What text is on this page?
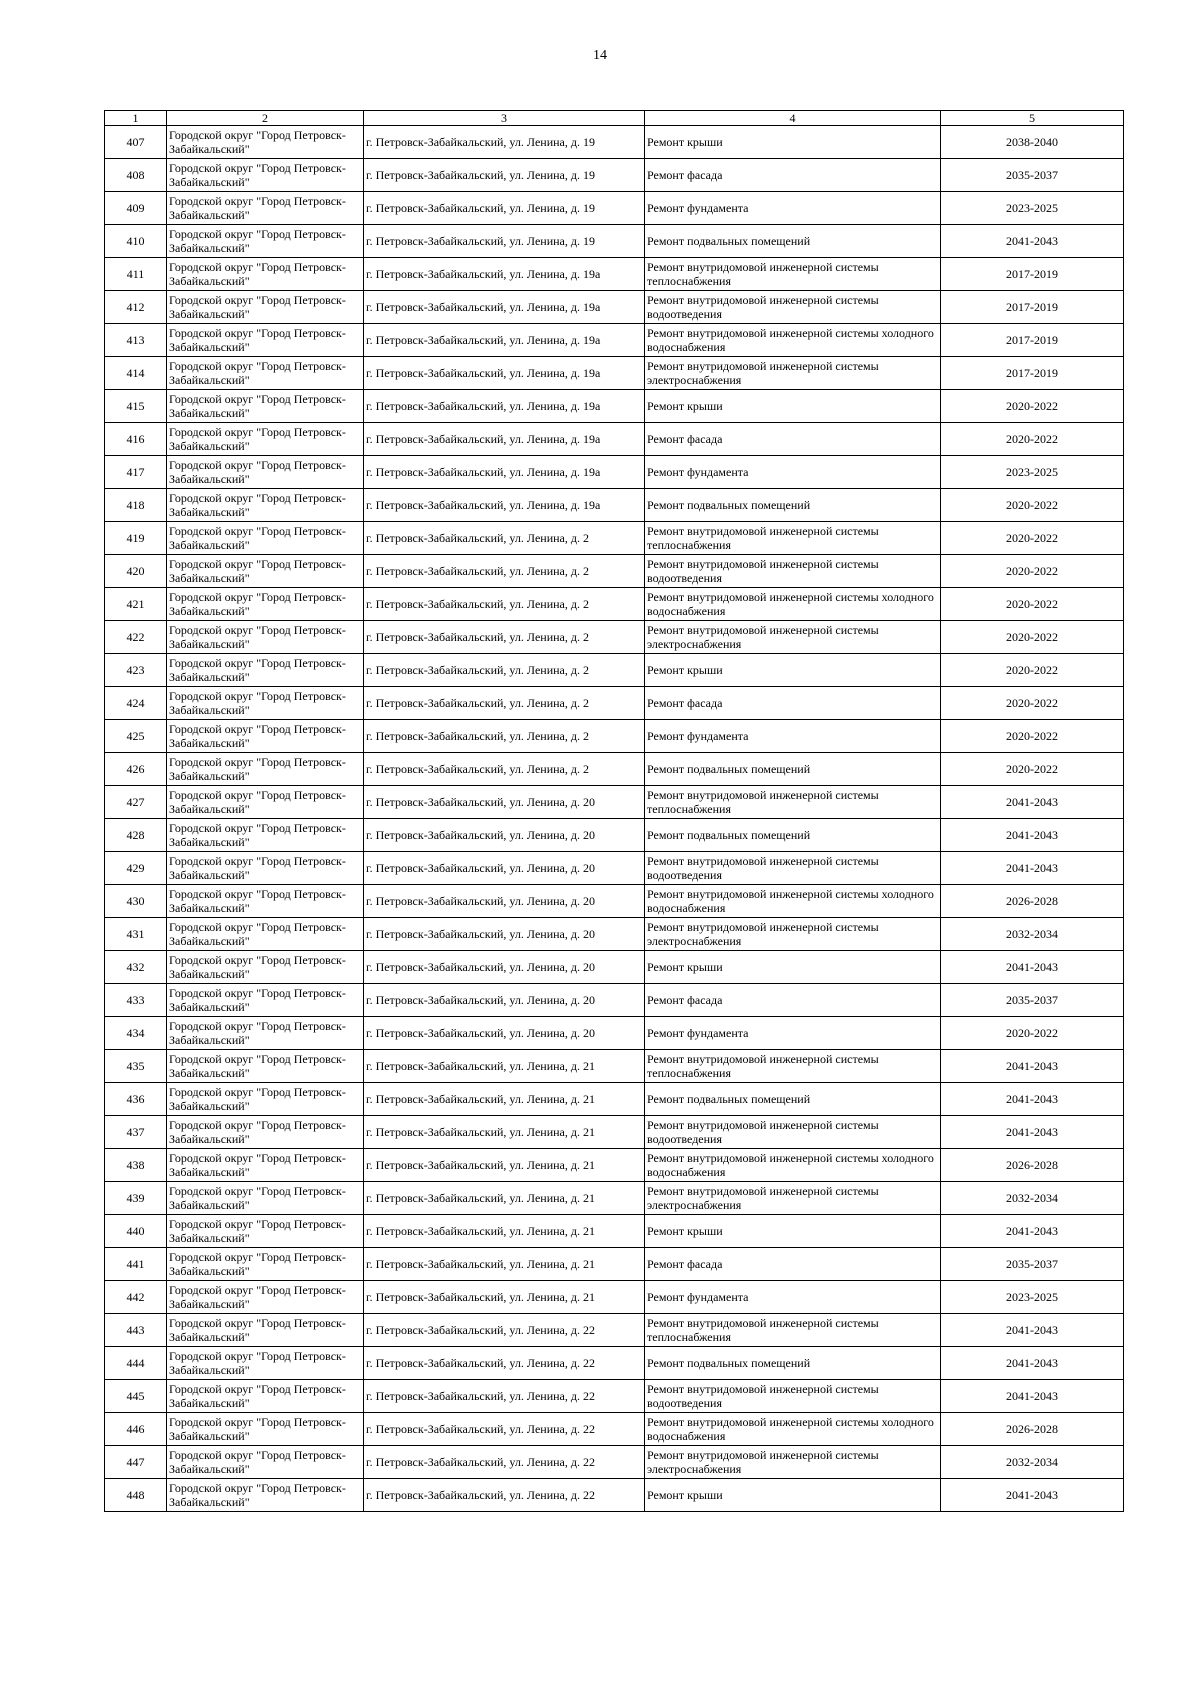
14
1	2	3	4	5
407	Городской округ "Город Петровск-Забайкальский"	г. Петровск-Забайкальский, ул. Ленина, д. 19	Ремонт крыши	2038-2040
408	Городской округ "Город Петровск-Забайкальский"	г. Петровск-Забайкальский, ул. Ленина, д. 19	Ремонт фасада	2035-2037
409	Городской округ "Город Петровск-Забайкальский"	г. Петровск-Забайкальский, ул. Ленина, д. 19	Ремонт фундамента	2023-2025
410	Городской округ "Город Петровск-Забайкальский"	г. Петровск-Забайкальский, ул. Ленина, д. 19	Ремонт подвальных помещений	2041-2043
411	Городской округ "Город Петровск-Забайкальский"	г. Петровск-Забайкальский, ул. Ленина, д. 19а	Ремонт внутридомовой инженерной системы теплоснабжения	2017-2019
412	Городской округ "Город Петровск-Забайкальский"	г. Петровск-Забайкальский, ул. Ленина, д. 19а	Ремонт внутридомовой инженерной системы водоотведения	2017-2019
413	Городской округ "Город Петровск-Забайкальский"	г. Петровск-Забайкальский, ул. Ленина, д. 19а	Ремонт внутридомовой инженерной системы холодного водоснабжения	2017-2019
414	Городской округ "Город Петровск-Забайкальский"	г. Петровск-Забайкальский, ул. Ленина, д. 19а	Ремонт внутридомовой инженерной системы электроснабжения	2017-2019
415	Городской округ "Город Петровск-Забайкальский"	г. Петровск-Забайкальский, ул. Ленина, д. 19а	Ремонт крыши	2020-2022
416	Городской округ "Город Петровск-Забайкальский"	г. Петровск-Забайкальский, ул. Ленина, д. 19а	Ремонт фасада	2020-2022
417	Городской округ "Город Петровск-Забайкальский"	г. Петровск-Забайкальский, ул. Ленина, д. 19а	Ремонт фундамента	2023-2025
418	Городской округ "Город Петровск-Забайкальский"	г. Петровск-Забайкальский, ул. Ленина, д. 19а	Ремонт подвальных помещений	2020-2022
419	Городской округ "Город Петровск-Забайкальский"	г. Петровск-Забайкальский, ул. Ленина, д. 2	Ремонт внутридомовой инженерной системы теплоснабжения	2020-2022
420	Городской округ "Город Петровск-Забайкальский"	г. Петровск-Забайкальский, ул. Ленина, д. 2	Ремонт внутридомовой инженерной системы водоотведения	2020-2022
421	Городской округ "Город Петровск-Забайкальский"	г. Петровск-Забайкальский, ул. Ленина, д. 2	Ремонт внутридомовой инженерной системы холодного водоснабжения	2020-2022
422	Городской округ "Город Петровск-Забайкальский"	г. Петровск-Забайкальский, ул. Ленина, д. 2	Ремонт внутридомовой инженерной системы электроснабжения	2020-2022
423	Городской округ "Город Петровск-Забайкальский"	г. Петровск-Забайкальский, ул. Ленина, д. 2	Ремонт крыши	2020-2022
424	Городской округ "Город Петровск-Забайкальский"	г. Петровск-Забайкальский, ул. Ленина, д. 2	Ремонт фасада	2020-2022
425	Городской округ "Город Петровск-Забайкальский"	г. Петровск-Забайкальский, ул. Ленина, д. 2	Ремонт фундамента	2020-2022
426	Городской округ "Город Петровск-Забайкальский"	г. Петровск-Забайкальский, ул. Ленина, д. 2	Ремонт подвальных помещений	2020-2022
427	Городской округ "Город Петровск-Забайкальский"	г. Петровск-Забайкальский, ул. Ленина, д. 20	Ремонт внутридомовой инженерной системы теплоснабжения	2041-2043
428	Городской округ "Город Петровск-Забайкальский"	г. Петровск-Забайкальский, ул. Ленина, д. 20	Ремонт подвальных помещений	2041-2043
429	Городской округ "Город Петровск-Забайкальский"	г. Петровск-Забайкальский, ул. Ленина, д. 20	Ремонт внутридомовой инженерной системы водоотведения	2041-2043
430	Городской округ "Город Петровск-Забайкальский"	г. Петровск-Забайкальский, ул. Ленина, д. 20	Ремонт внутридомовой инженерной системы холодного водоснабжения	2026-2028
431	Городской округ "Город Петровск-Забайкальский"	г. Петровск-Забайкальский, ул. Ленина, д. 20	Ремонт внутридомовой инженерной системы электроснабжения	2032-2034
432	Городской округ "Город Петровск-Забайкальский"	г. Петровск-Забайкальский, ул. Ленина, д. 20	Ремонт крыши	2041-2043
433	Городской округ "Город Петровск-Забайкальский"	г. Петровск-Забайкальский, ул. Ленина, д. 20	Ремонт фасада	2035-2037
434	Городской округ "Город Петровск-Забайкальский"	г. Петровск-Забайкальский, ул. Ленина, д. 20	Ремонт фундамента	2020-2022
435	Городской округ "Город Петровск-Забайкальский"	г. Петровск-Забайкальский, ул. Ленина, д. 21	Ремонт внутридомовой инженерной системы теплоснабжения	2041-2043
436	Городской округ "Город Петровск-Забайкальский"	г. Петровск-Забайкальский, ул. Ленина, д. 21	Ремонт подвальных помещений	2041-2043
437	Городской округ "Город Петровск-Забайкальский"	г. Петровск-Забайкальский, ул. Ленина, д. 21	Ремонт внутридомовой инженерной системы водоотведения	2041-2043
438	Городской округ "Город Петровск-Забайкальский"	г. Петровск-Забайкальский, ул. Ленина, д. 21	Ремонт внутридомовой инженерной системы холодного водоснабжения	2026-2028
439	Городской округ "Город Петровск-Забайкальский"	г. Петровск-Забайкальский, ул. Ленина, д. 21	Ремонт внутридомовой инженерной системы электроснабжения	2032-2034
440	Городской округ "Город Петровск-Забайкальский"	г. Петровск-Забайкальский, ул. Ленина, д. 21	Ремонт крыши	2041-2043
441	Городской округ "Город Петровск-Забайкальский"	г. Петровск-Забайкальский, ул. Ленина, д. 21	Ремонт фасада	2035-2037
442	Городской округ "Город Петровск-Забайкальский"	г. Петровск-Забайкальский, ул. Ленина, д. 21	Ремонт фундамента	2023-2025
443	Городской округ "Город Петровск-Забайкальский"	г. Петровск-Забайкальский, ул. Ленина, д. 22	Ремонт внутридомовой инженерной системы теплоснабжения	2041-2043
444	Городской округ "Город Петровск-Забайкальский"	г. Петровск-Забайкальский, ул. Ленина, д. 22	Ремонт подвальных помещений	2041-2043
445	Городской округ "Город Петровск-Забайкальский"	г. Петровск-Забайкальский, ул. Ленина, д. 22	Ремонт внутридомовой инженерной системы водоотведения	2041-2043
446	Городской округ "Город Петровск-Забайкальский"	г. Петровск-Забайкальский, ул. Ленина, д. 22	Ремонт внутридомовой инженерной системы холодного водоснабжения	2026-2028
447	Городской округ "Город Петровск-Забайкальский"	г. Петровск-Забайкальский, ул. Ленина, д. 22	Ремонт внутридомовой инженерной системы электроснабжения	2032-2034
448	Городской округ "Город Петровск-Забайкальский"	г. Петровск-Забайкальский, ул. Ленина, д. 22	Ремонт крыши	2041-2043
